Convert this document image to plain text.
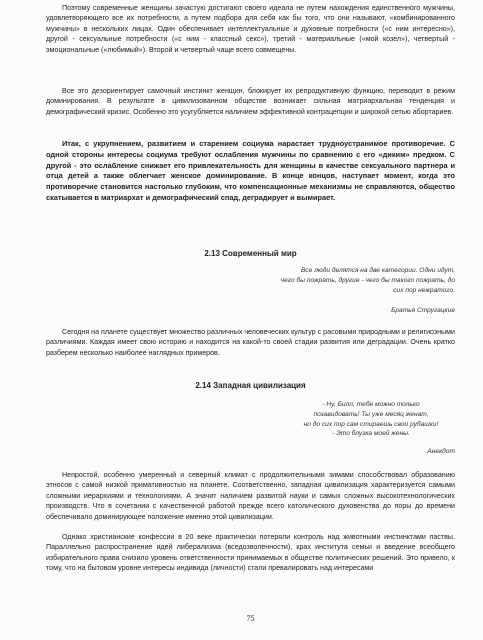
Поэтому современные женщины зачастую достигают своего идеала не путем нахождения единственного мужчины, удовлетворяющего все их потребности, а путем подбора для себя как бы того, что они называют, «комбинированного мужчины» в нескольких лицах. Один обеспечивает интеллектуальные и духовные потребности («с ним интересно»), другой - сексуальные потребности («с ним - классный секс»), третий - материальные («мой козел»), четвертый - эмоциональные («любимый»). Второй и четвертый чаще всего совмещены.

Все это дезориентирует самочный инстинкт женщин, блокирует их репродуктивную функцию, переводит в режим доминирования. В результате в цивилизованном обществе возникает сильная матриархальная тенденция и демографический кризис. Особенно это усугубляется наличием эффективной контрацепции и широкой сетью абортариев.

Итак, с укрупнением, развитием и старением социума нарастает трудноустранимое противоречие. С одной стороны интересы социума требуют ослабления мужчины по сравнению с его «диким» предком. С другой - это ослабление снижает его привлекательность для женщины в качестве сексуального партнера и отца детей а также облегчает женское доминирование. В конце концов, наступает момент, когда это противоречие становится настолько глубоким, что компенсационные механизмы не справляются, общество скатывается в матриархат и демографический спад, деградирует и вымирает.

2.13 Современный мир
Все люди делятся на две категории. Одни идут,
чего бы пожрать, другие - чего бы такого пожрать, до
сих пор нежратого.
Братья Стругацкие

Сегодня на планете существует множество различных человеческих культур с расовыми природными и религиозными различиями. Каждая имеет свою историю и находится на какой-то своей стадии развития или деградации. Очень кратко разберем несколько наиболее наглядных примеров.

2.14 Западная цивилизация
- Ну, Билл, тебе можно только
позавидовать! Ты уже месяц женат,
но до сих пор сам стираешь свои рубашки!
- Это блузка моей жены.
Анекдот

Непростой, особенно умеренный и северный климат с продолжительными зимами способствовал образованию этносов с самой низкой примативностью на планете. Соответственно, западная цивилизация характеризуется самыми сложными иерархиями и технологиями. А значит наличием развитой науки и самых сложных высокотехнологических производств. Что в сочетании с качественной работой прежде всего католического духовенства до поры до времени обеспечивало доминирующее положение именно этой цивилизации.

Однако христианские конфессии в 20 веке практически потеряли контроль над животными инстинктами паствы. Параллельно распространение идей либерализма (вседозволенности), крах института семьи и введение всеобщего избирательного права снизило уровень ответственности принимаемых в обществе политических решений. Это привело, к тому, что на бытовом уровне интересы индивида (личности) стали превалировать над интересами

75
